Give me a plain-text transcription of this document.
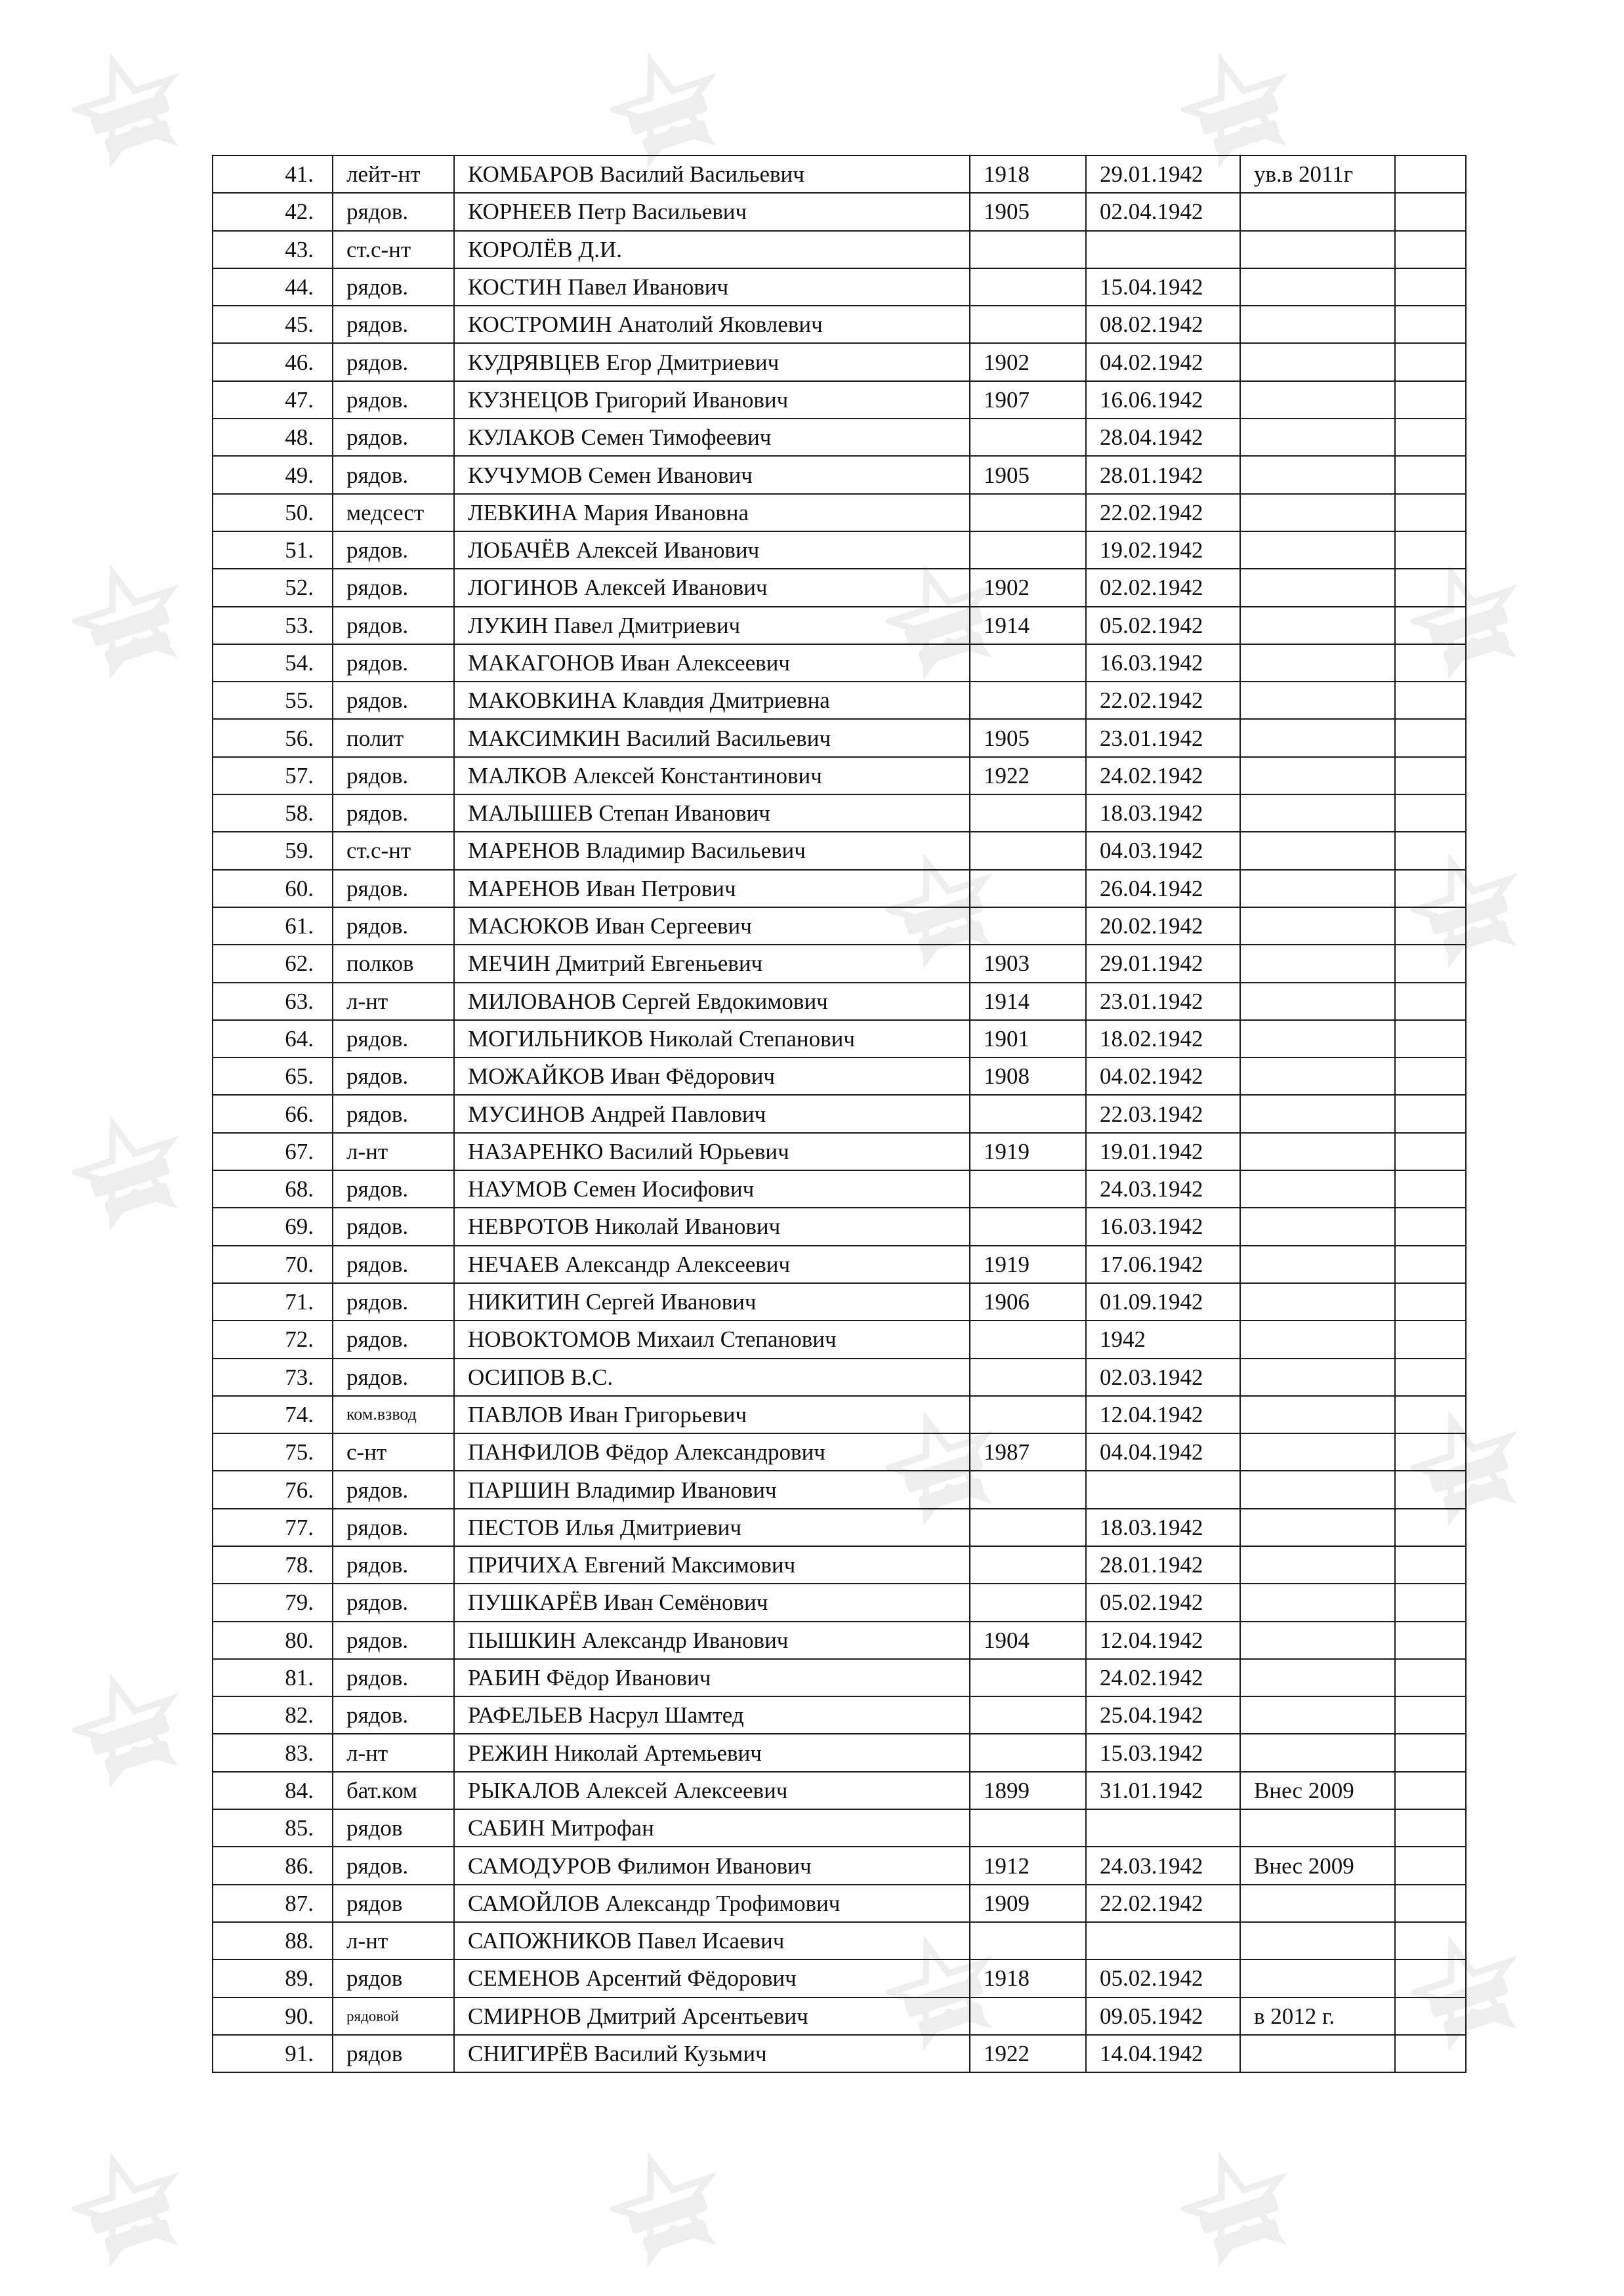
41.	лейт-нт	КОМБАРОВ Василий Васильевич	1918	29.01.1942	ув.в 2011г	
42.	рядов.	КОРНЕЕВ Петр Васильевич	1905	02.04.1942		
43.	ст.с-нт	КОРОЛЁВ Д.И.				
44.	рядов.	КОСТИН Павел Иванович		15.04.1942		
45.	рядов.	КОСТРОМИН Анатолий Яковлевич		08.02.1942		
46.	рядов.	КУДРЯВЦЕВ Егор Дмитриевич	1902	04.02.1942		
47.	рядов.	КУЗНЕЦОВ Григорий Иванович	1907	16.06.1942		
48.	рядов.	КУЛАКОВ Семен Тимофеевич		28.04.1942		
49.	рядов.	КУЧУМОВ Семен Иванович	1905	28.01.1942		
50.	медсест	ЛЕВКИНА Мария Ивановна		22.02.1942		
51.	рядов.	ЛОБАЧЁВ Алексей Иванович		19.02.1942		
52.	рядов.	ЛОГИНОВ Алексей Иванович	1902	02.02.1942		
53.	рядов.	ЛУКИН Павел Дмитриевич	1914	05.02.1942		
54.	рядов.	МАКАГОНОВ Иван Алексеевич		16.03.1942		
55.	рядов.	МАКОВКИНА Клавдия Дмитриевна		22.02.1942		
56.	полит	МАКСИМКИН Василий Васильевич	1905	23.01.1942		
57.	рядов.	МАЛКОВ Алексей Константинович	1922	24.02.1942		
58.	рядов.	МАЛЫШЕВ Степан Иванович		18.03.1942		
59.	ст.с-нт	МАРЕНОВ Владимир Васильевич		04.03.1942		
60.	рядов.	МАРЕНОВ Иван Петрович		26.04.1942		
61.	рядов.	МАСЮКОВ Иван Сергеевич		20.02.1942		
62.	полков	МЕЧИН Дмитрий Евгеньевич	1903	29.01.1942		
63.	л-нт	МИЛОВАНОВ Сергей Евдокимович	1914	23.01.1942		
64.	рядов.	МОГИЛЬНИКОВ Николай Степанович	1901	18.02.1942		
65.	рядов.	МОЖАЙКОВ Иван Фёдорович	1908	04.02.1942		
66.	рядов.	МУСИНОВ Андрей Павлович		22.03.1942		
67.	л-нт	НАЗАРЕНКО Василий Юрьевич	1919	19.01.1942		
68.	рядов.	НАУМОВ Семен Иосифович		24.03.1942		
69.	рядов.	НЕВРОТОВ Николай Иванович		16.03.1942		
70.	рядов.	НЕЧАЕВ Александр Алексеевич	1919	17.06.1942		
71.	рядов.	НИКИТИН Сергей Иванович	1906	01.09.1942		
72.	рядов.	НОВОКТОМОВ Михаил Степанович		1942		
73.	рядов.	ОСИПОВ В.С.		02.03.1942		
74.	ком.взвод	ПАВЛОВ Иван Григорьевич		12.04.1942		
75.	с-нт	ПАНФИЛОВ Фёдор Александрович	1987	04.04.1942		
76.	рядов.	ПАРШИН Владимир Иванович				
77.	рядов.	ПЕСТОВ Илья Дмитриевич		18.03.1942		
78.	рядов.	ПРИЧИХА Евгений Максимович		28.01.1942		
79.	рядов.	ПУШКАРЁВ Иван Семёнович		05.02.1942		
80.	рядов.	ПЫШКИН Александр Иванович	1904	12.04.1942		
81.	рядов.	РАБИН Фёдор Иванович		24.02.1942		
82.	рядов.	РАФЕЛЬЕВ Насрул Шамтед		25.04.1942		
83.	л-нт	РЕЖИН Николай Артемьевич		15.03.1942		
84.	бат.ком	РЫКАЛОВ Алексей Алексеевич	1899	31.01.1942	Внес 2009	
85.	рядов	САБИН Митрофан				
86.	рядов.	САМОДУРОВ Филимон Иванович	1912	24.03.1942	Внес 2009	
87.	рядов	САМОЙЛОВ Александр Трофимович	1909	22.02.1942		
88.	л-нт	САПОЖНИКОВ Павел Исаевич				
89.	рядов	СЕМЕНОВ Арсентий Фёдорович	1918	05.02.1942		
90.	рядовой	СМИРНОВ Дмитрий Арсентьевич		09.05.1942	в 2012 г.	
91.	рядов	СНИГИРЁВ Василий Кузьмич	1922	14.04.1942		
